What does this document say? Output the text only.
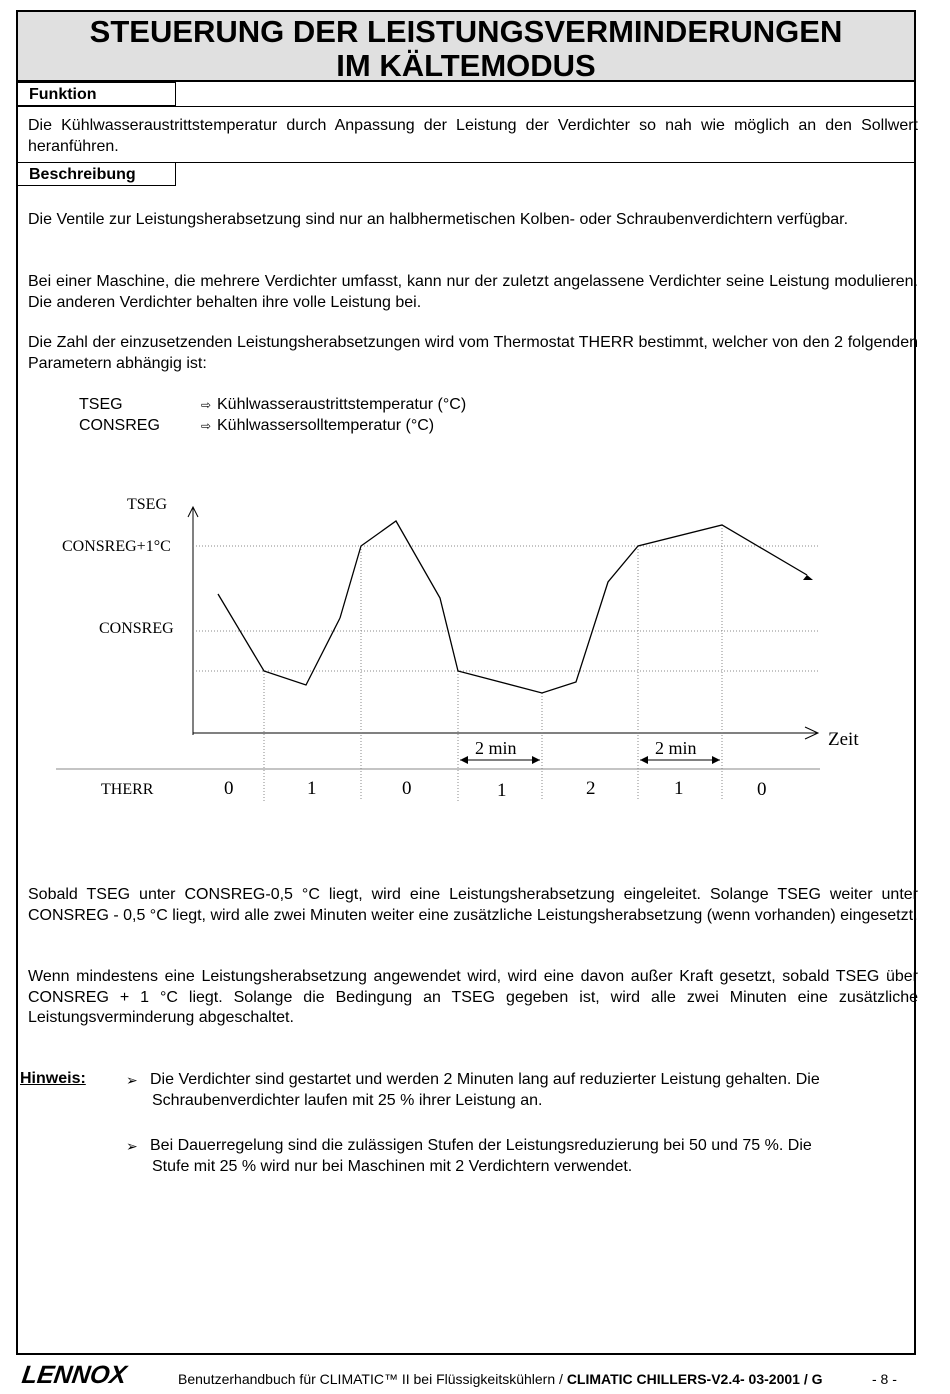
STEUERUNG DER LEISTUNGSVERMINDERUNGEN
IM KÄLTEMODUS
Funktion
Die Kühlwasseraustrittstemperatur durch Anpassung der Leistung der Verdichter so nah wie möglich an den Sollwert heranführen.
Beschreibung
Die Ventile zur Leistungsherabsetzung sind nur an halbhermetischen Kolben- oder Schraubenverdichtern verfügbar.
Bei einer Maschine, die mehrere Verdichter umfasst, kann nur der zuletzt angelassene Verdichter seine Leistung modulieren. Die anderen Verdichter behalten ihre volle Leistung bei.
Die Zahl der einzusetzenden Leistungsherabsetzungen wird vom Thermostat THERR bestimmt, welcher von den 2 folgenden Parametern abhängig ist:
TSEG	⇨ Kühlwasseraustrittstemperatur (°C)
CONSREG	⇨ Kühlwassersolltemperatur (°C)
Sobald TSEG unter CONSREG-0,5 °C liegt, wird eine Leistungsherabsetzung eingeleitet. Solange TSEG weiter unter CONSREG - 0,5 °C liegt, wird alle zwei Minuten weiter eine zusätzliche Leistungsherabsetzung (wenn vorhanden) eingesetzt.
Wenn mindestens eine Leistungsherabsetzung angewendet wird, wird eine davon außer Kraft gesetzt, sobald TSEG über CONSREG + 1 °C liegt. Solange die Bedingung an TSEG gegeben ist, wird alle zwei Minuten eine zusätzliche Leistungsverminderung abgeschaltet.
Hinweis:	➢ Die Verdichter sind gestartet und werden 2 Minuten lang auf reduzierter Leistung gehalten. Die
Schraubenverdichter laufen mit 25 % ihrer Leistung an.
➢ Bei Dauerregelung sind die zulässigen Stufen der Leistungsreduzierung bei 50 und 75 %. Die
Stufe mit 25 % wird nur bei Maschinen mit 2 Verdichtern verwendet.
TSEG
CONSREG+1°C
CONSREG
Zeit
2 min	2 min
THERR	0	1	0	1	2	1	0
LENNOX	Benutzerhandbuch für CLIMATIC™ II bei Flüssigkeitskühlern / CLIMATIC CHILLERS-V2.4- 03-2001 / G	- 8 -
